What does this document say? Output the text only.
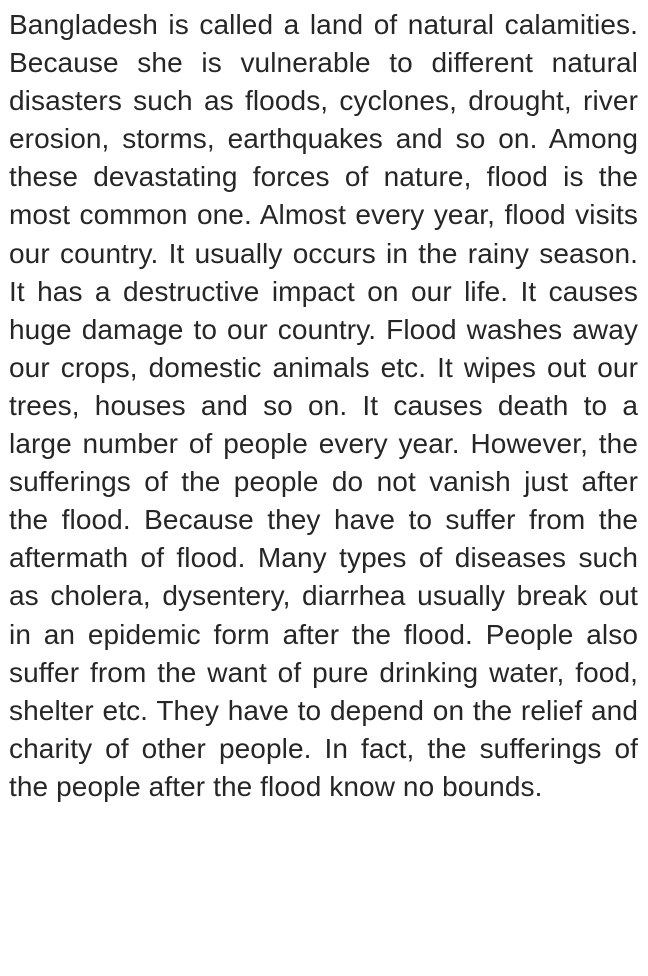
Bangladesh is called a land of natural calamities. Because she is vulnerable to different natural disasters such as floods, cyclones, drought, river erosion, storms, earthquakes and so on. Among these devastating forces of nature, flood is the most common one. Almost every year, flood visits our country. It usually occurs in the rainy season. It has a destructive impact on our life. It causes huge damage to our country. Flood washes away our crops, domestic animals etc. It wipes out our trees, houses and so on. It causes death to a large number of people every year. However, the sufferings of the people do not vanish just after the flood. Because they have to suffer from the aftermath of flood. Many types of diseases such as cholera, dysentery, diarrhea usually break out in an epidemic form after the flood. People also suffer from the want of pure drinking water, food, shelter etc. They have to depend on the relief and charity of other people. In fact, the sufferings of the people after the flood know no bounds.
